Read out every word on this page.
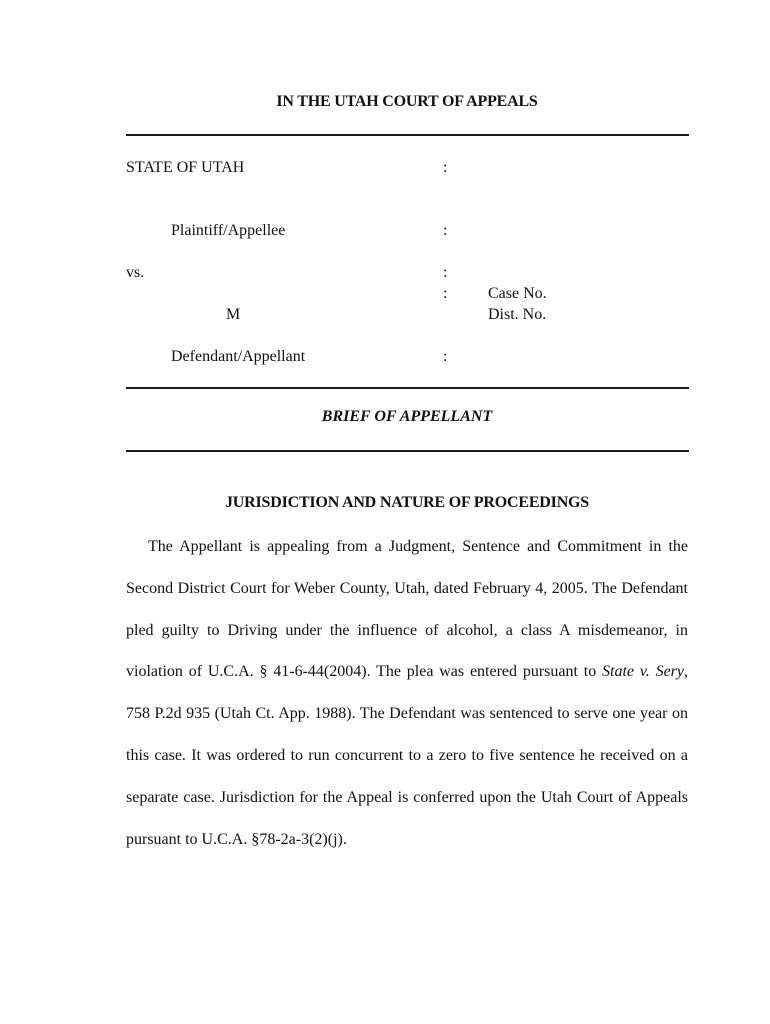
IN THE UTAH COURT OF APPEALS
STATE OF UTAH	:
Plaintiff/Appellee	:
vs.	:
:	Case No.
M	Dist. No.
Defendant/Appellant	:
BRIEF OF APPELLANT
JURISDICTION AND NATURE OF PROCEEDINGS

The Appellant is appealing from a Judgment, Sentence and Commitment in the Second District Court for Weber County, Utah, dated February 4, 2005. The Defendant pled guilty to Driving under the influence of alcohol, a class A misdemeanor, in violation of U.C.A. § 41-6-44(2004). The plea was entered pursuant to State v. Sery, 758 P.2d 935 (Utah Ct. App. 1988). The Defendant was sentenced to serve one year on this case. It was ordered to run concurrent to a zero to five sentence he received on a separate case. Jurisdiction for the Appeal is conferred upon the Utah Court of Appeals pursuant to U.C.A. §78-2a-3(2)(j).
